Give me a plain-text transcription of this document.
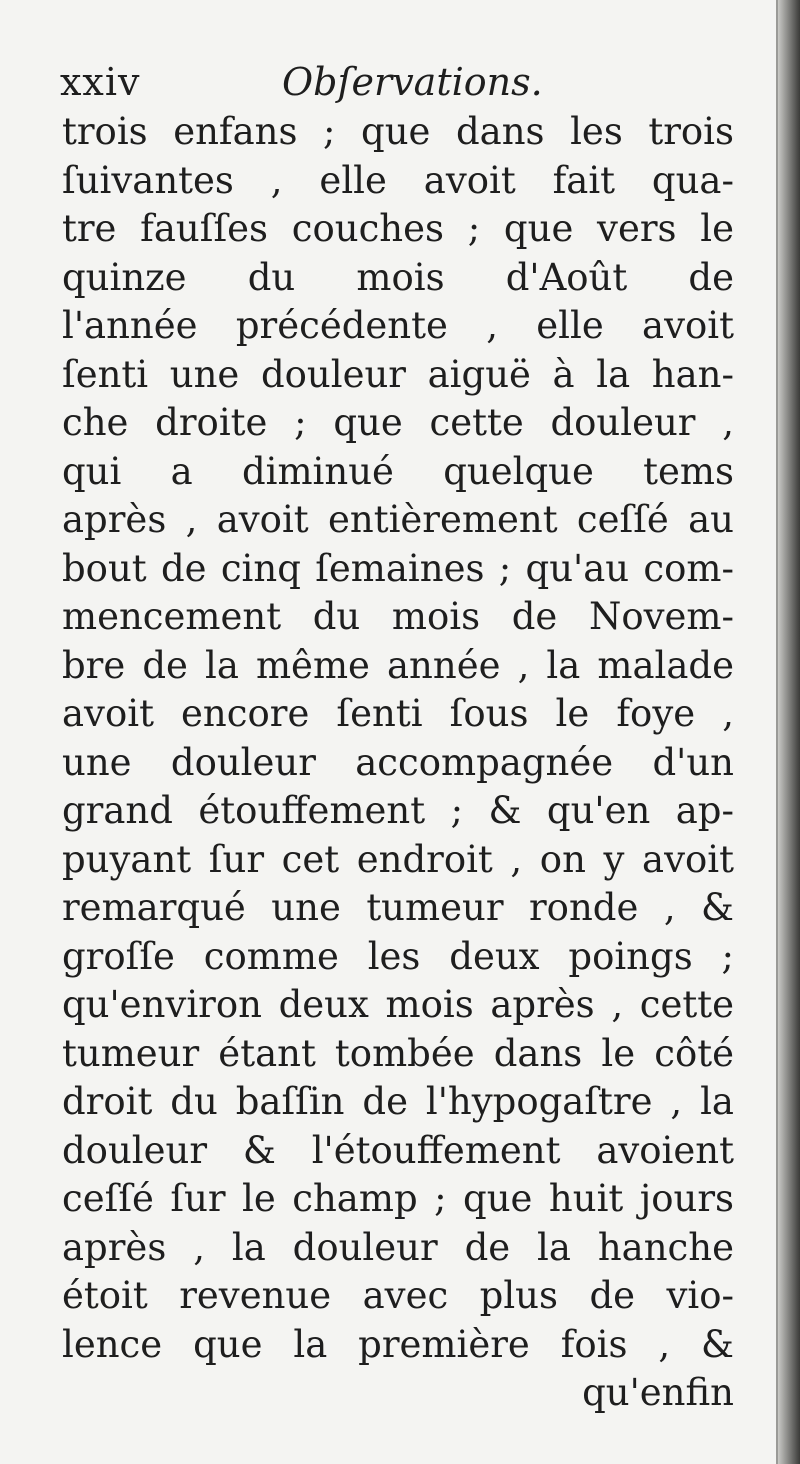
xxiv	Obſervations.
trois enfans ; que dans les trois
ſuivantes , elle avoit fait qua-
tre fauſſes couches ; que vers le
quinze du mois d'Août de
l'année précédente , elle avoit
ſenti une douleur aiguë à la han-
che droite ; que cette douleur ,
qui a diminué quelque tems
après , avoit entièrement ceſſé au
bout de cinq ſemaines ; qu'au com-
mencement du mois de Novem-
bre de la même année , la malade
avoit encore ſenti ſous le foye ,
une douleur accompagnée d'un
grand étouffement ; & qu'en ap-
puyant ſur cet endroit , on y avoit
remarqué une tumeur ronde , &
groſſe comme les deux poings ;
qu'environ deux mois après , cette
tumeur étant tombée dans le côté
droit du baſſin de l'hypogaſtre , la
douleur & l'étouffement avoient
ceſſé ſur le champ ; que huit jours
après , la douleur de la hanche
étoit revenue avec plus de vio-
lence que la première fois , &
qu'enfin
